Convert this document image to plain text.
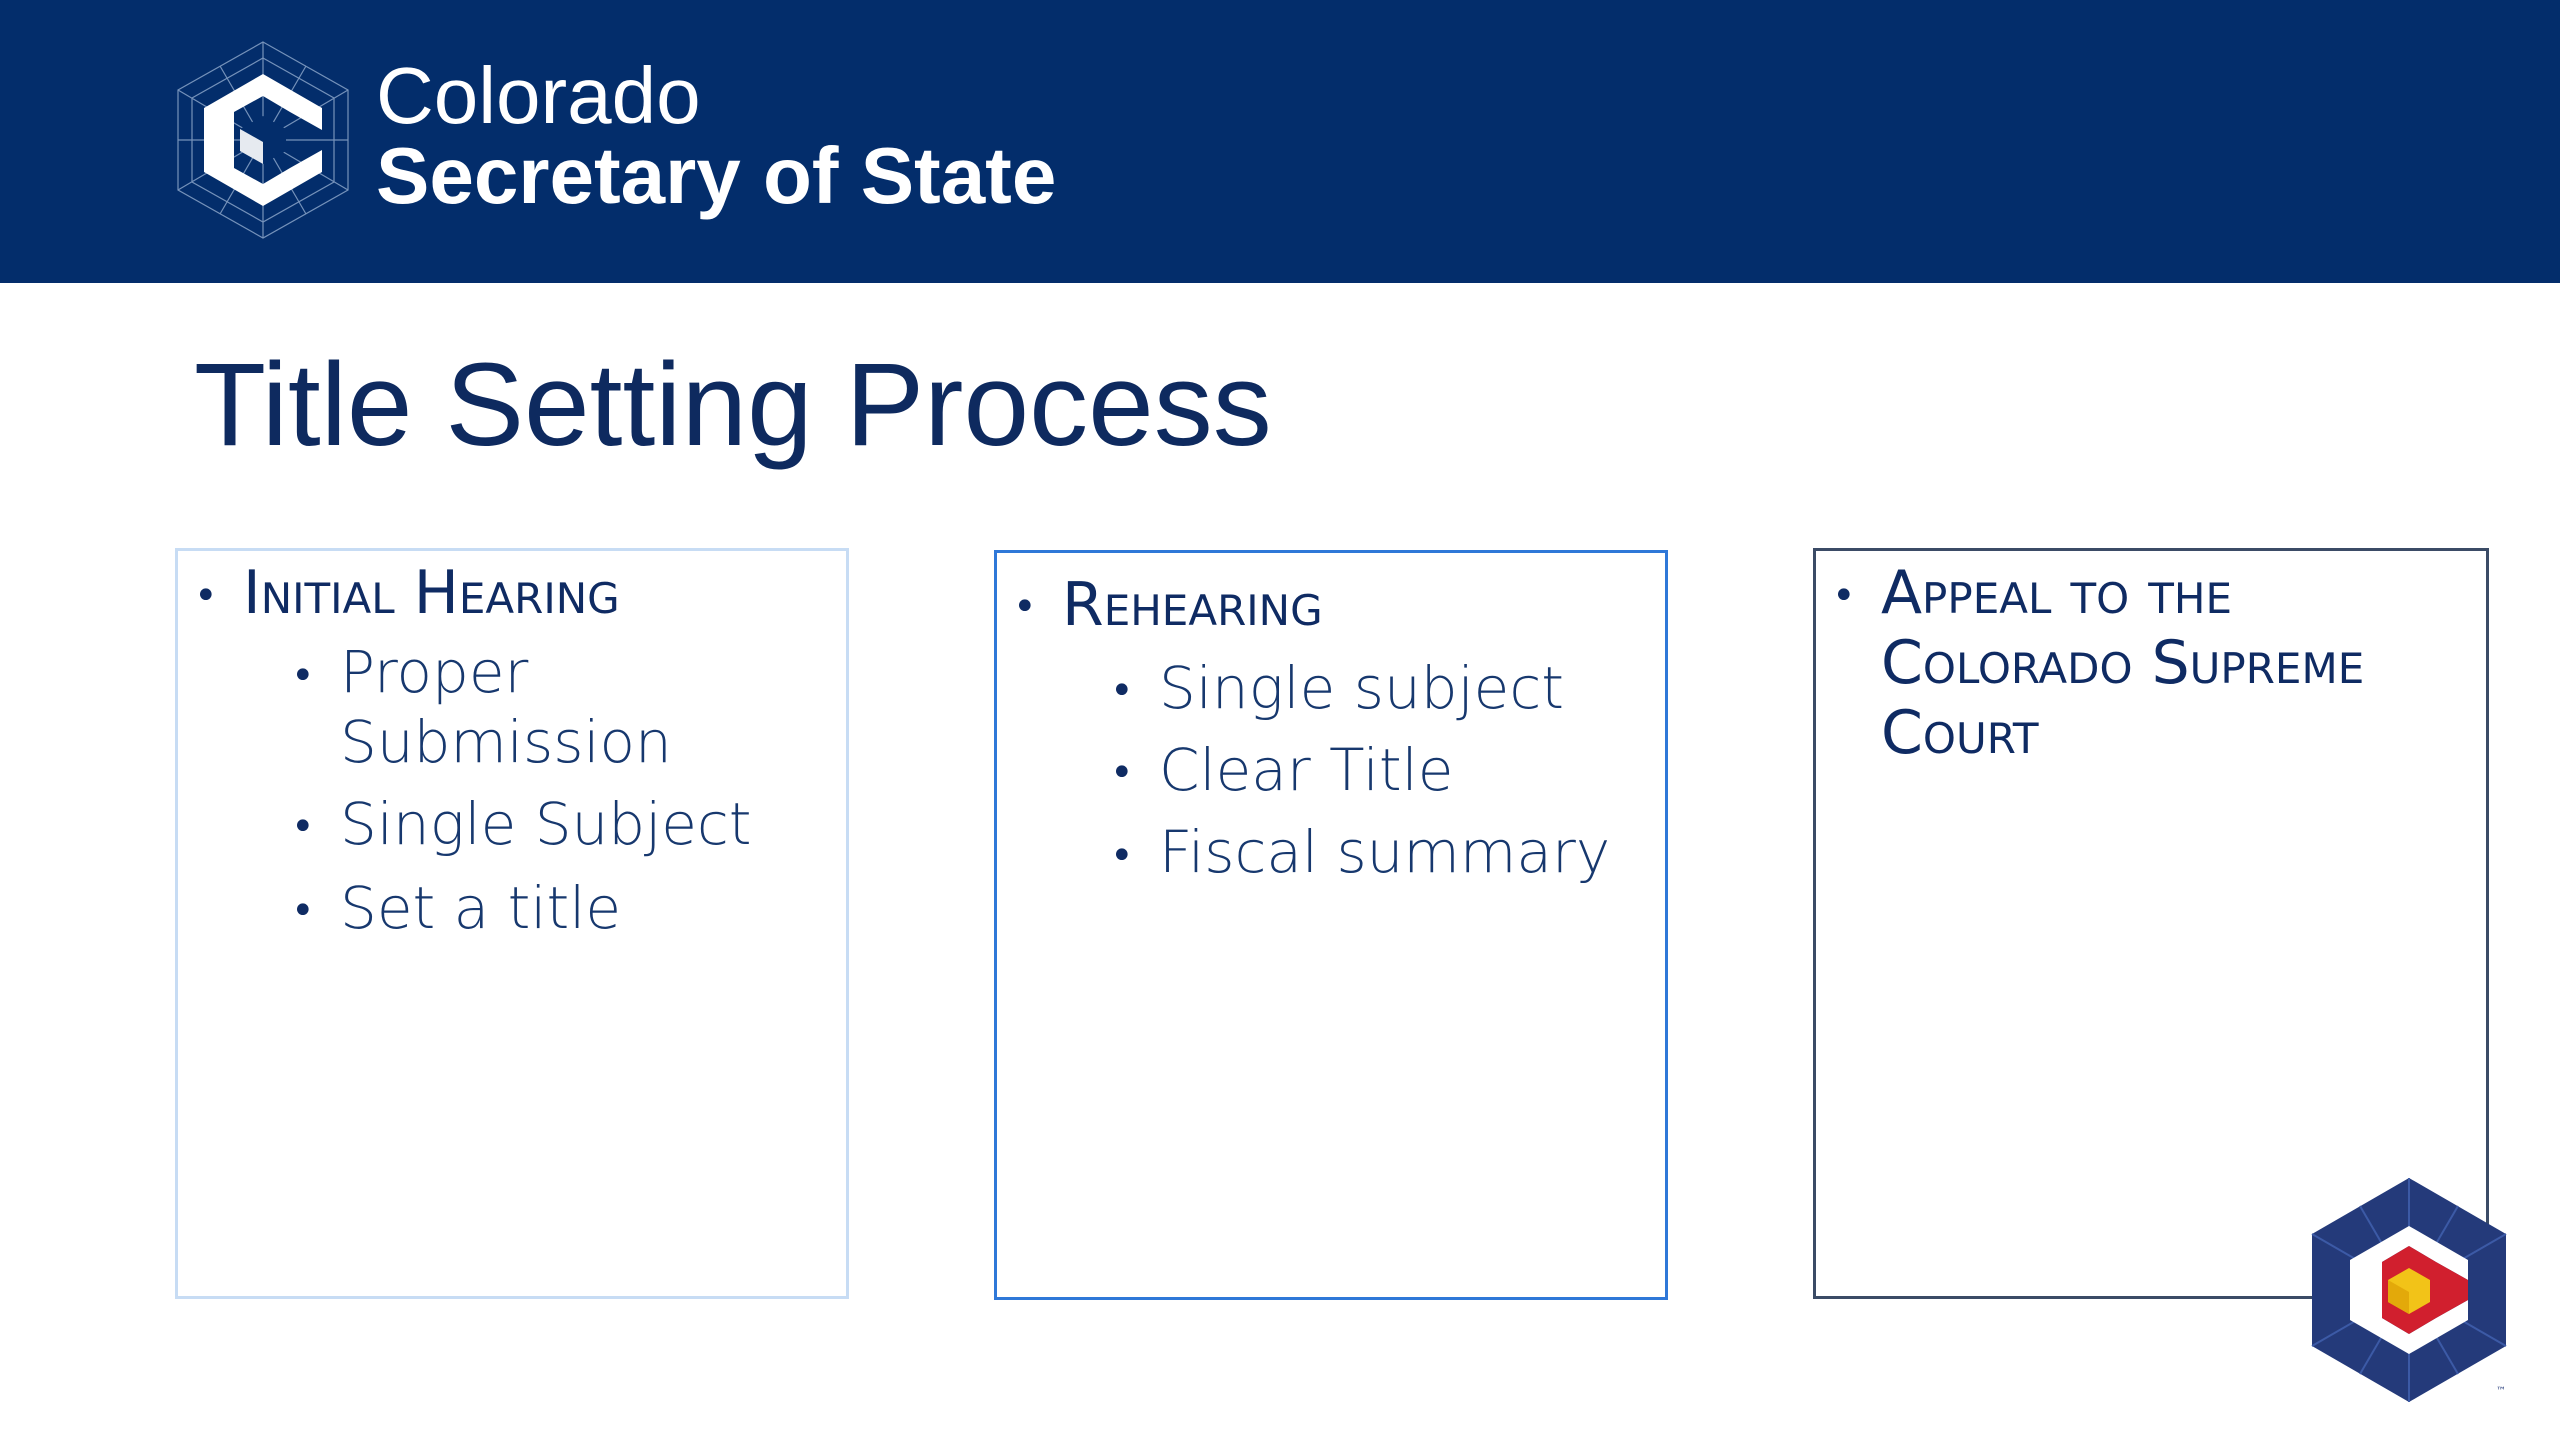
Colorado
Secretary of State
Title Setting Process
• Initial Hearing
• Proper
Submission
• Single Subject
• Set a title
• Rehearing
• Single subject
• Clear Title
• Fiscal summary
• Appeal to the
Colorado Supreme
Court
™
